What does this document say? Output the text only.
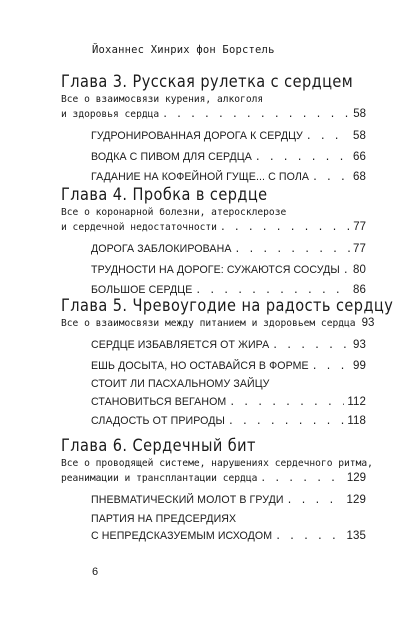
Йоханнес Хинрих фон Борстель
Глава 3. Русская рулетка с сердцем
Все о взаимосвязи курения, алкоголя
и здоровья сердца . . .	58
ГУДРОНИРОВАННАЯ ДОРОГА К СЕРДЦУ . . .	58
ВОДКА С ПИВОМ ДЛЯ СЕРДЦА . . .	66
ГАДАНИЕ НА КОФЕЙНОЙ ГУЩЕ... С ПОЛА . . .	68
Глава 4. Пробка в сердце
Все о коронарной болезни, атеросклерозе
и сердечной недостаточности . . .	77
ДОРОГА ЗАБЛОКИРОВАНА . . .	77
ТРУДНОСТИ НА ДОРОГЕ: СУЖАЮТСЯ СОСУДЫ . . . 80
БОЛЬШОЕ СЕРДЦЕ . . .	86
Глава 5. Чревоугодие на радость сердцу
Все о взаимосвязи между питанием и здоровьем сердца 93
СЕРДЦЕ ИЗБАВЛЯЕТСЯ ОТ ЖИРА . . .	93
ЕШЬ ДОСЫТА, НО ОСТАВАЙСЯ В ФОРМЕ . . .	99
СТОИТ ЛИ ПАСХАЛЬНОМУ ЗАЙЦУ
СТАНОВИТЬСЯ ВЕГАНОМ . . .	112
СЛАДОСТЬ ОТ ПРИРОДЫ . . .	118
Глава 6. Сердечный бит
Все о проводящей системе, нарушениях сердечного ритма,
реанимации и трансплантации сердца . . .	129
ПНЕВМАТИЧЕСКИЙ МОЛОТ В ГРУДИ . . .	129
ПАРТИЯ НА ПРЕДСЕРДИЯХ
С НЕПРЕДСКАЗУЕМЫМ ИСХОДОМ . . .	135
6
